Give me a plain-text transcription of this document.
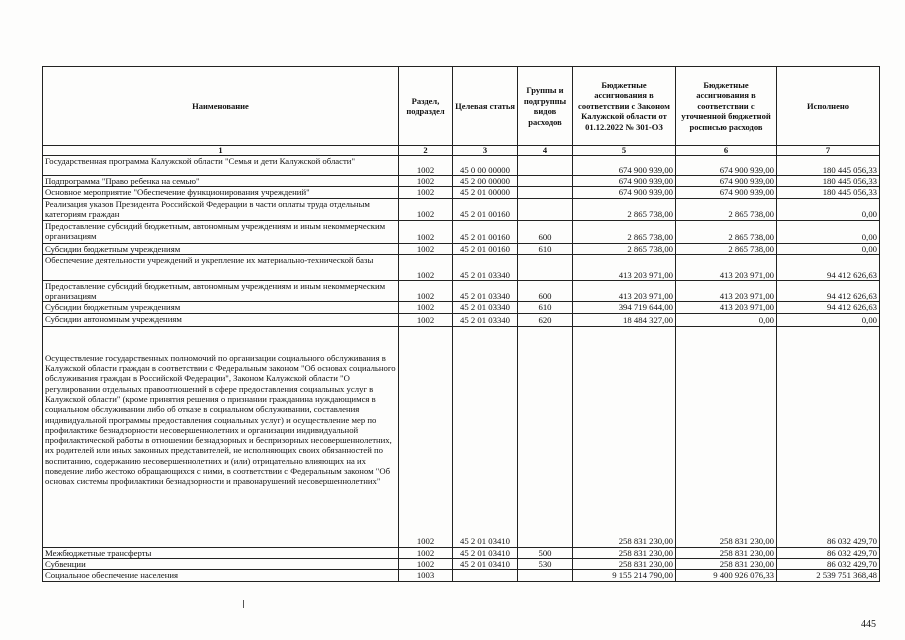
Наименование	Раздел, подраздел	Целевая статья	Группы и подгруппы видов расходов	Бюджетные ассигнования в соответствии с Законом Калужской области от 01.12.2022 № 301-ОЗ	Бюджетные ассигнования в соответствии с уточненной бюджетной росписью расходов	Исполнено
1	2	3	4	5	6	7
Государственная программа Калужской области "Семья и дети Калужской области"	1002	45 0 00 00000		674 900 939,00	674 900 939,00	180 445 056,33
Подпрограмма "Право ребенка на семью"	1002	45 2 00 00000		674 900 939,00	674 900 939,00	180 445 056,33
Основное мероприятие "Обеспечение функционирования учреждений"	1002	45 2 01 00000		674 900 939,00	674 900 939,00	180 445 056,33
Реализация указов Президента Российской Федерации в части оплаты труда отдельным категориям граждан	1002	45 2 01 00160		2 865 738,00	2 865 738,00	0,00
Предоставление субсидий бюджетным, автономным учреждениям и иным некоммерческим организациям	1002	45 2 01 00160	600	2 865 738,00	2 865 738,00	0,00
Субсидии бюджетным учреждениям	1002	45 2 01 00160	610	2 865 738,00	2 865 738,00	0,00
Обеспечение деятельности учреждений и укрепление их материально-технической базы	1002	45 2 01 03340		413 203 971,00	413 203 971,00	94 412 626,63
Предоставление субсидий бюджетным, автономным учреждениям и иным некоммерческим организациям	1002	45 2 01 03340	600	413 203 971,00	413 203 971,00	94 412 626,63
Субсидии бюджетным учреждениям	1002	45 2 01 03340	610	394 719 644,00	413 203 971,00	94 412 626,63
Субсидии автономным учреждениям	1002	45 2 01 03340	620	18 484 327,00	0,00	0,00

Осуществление государственных полномочий по организации социального обслуживания в Калужской области граждан в соответствии с Федеральным законом "Об основах социального обслуживания граждан в Российской Федерации", Законом Калужской области "О регулировании отдельных правоотношений в сфере предоставления социальных услуг в Калужской области" (кроме принятия решения о признании гражданина нуждающимся в социальном обслуживании либо об отказе в социальном обслуживании, составления индивидуальной программы предоставления социальных услуг) и осуществление мер по профилактике безнадзорности несовершеннолетних и организации индивидуальной профилактической работы в отношении безнадзорных и беспризорных несовершеннолетних, их родителей или иных законных представителей, не исполняющих своих обязанностей по воспитанию, содержанию несовершеннолетних и (или) отрицательно влияющих на их поведение либо жестоко обращающихся с ними, в соответствии с Федеральным законом "Об основах системы профилактики безнадзорности и правонарушений несовершеннолетних"	1002	45 2 01 03410		258 831 230,00	258 831 230,00	86 032 429,70
Межбюджетные трансферты	1002	45 2 01 03410	500	258 831 230,00	258 831 230,00	86 032 429,70
Субвенции	1002	45 2 01 03410	530	258 831 230,00	258 831 230,00	86 032 429,70
Социальное обеспечение населения	1003			9 155 214 790,00	9 400 926 076,33	2 539 751 368,48
445
